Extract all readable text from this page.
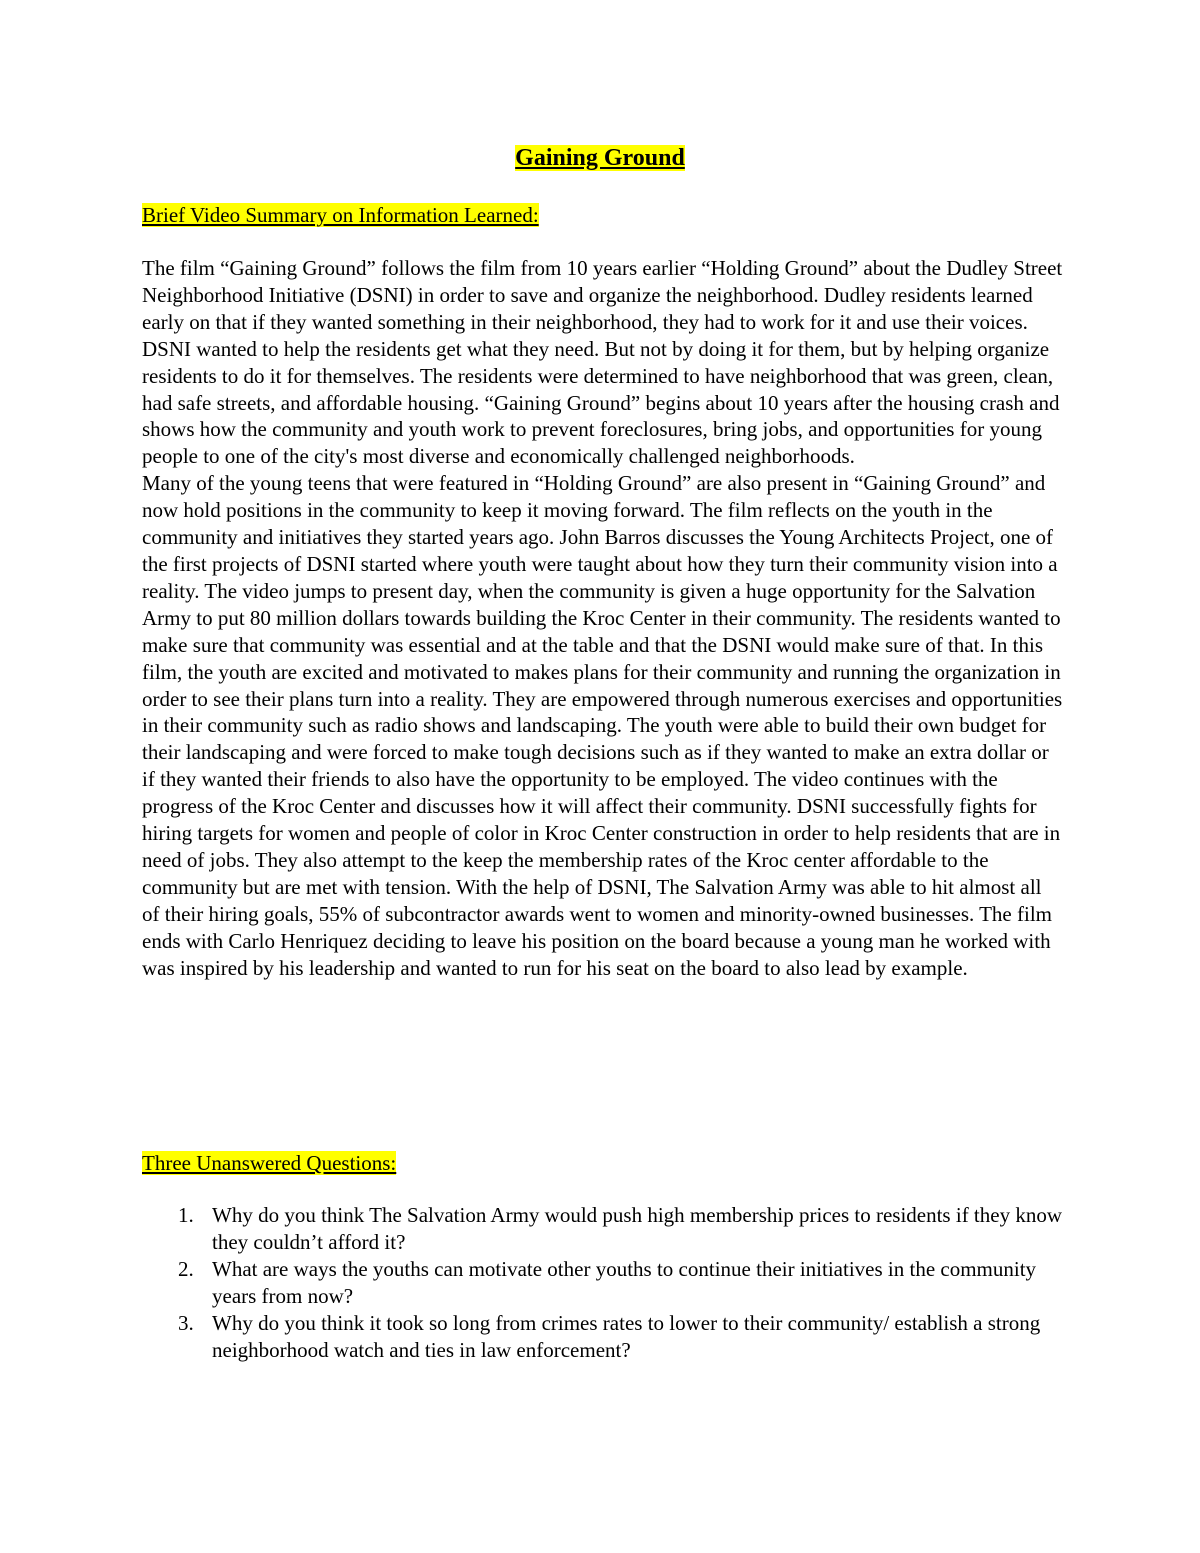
Gaining Ground
Brief Video Summary on Information Learned:

The film “Gaining Ground” follows the film from 10 years earlier “Holding Ground” about the Dudley Street Neighborhood Initiative (DSNI) in order to save and organize the neighborhood. Dudley residents learned early on that if they wanted something in their neighborhood, they had to work for it and use their voices. DSNI wanted to help the residents get what they need. But not by doing it for them, but by helping organize residents to do it for themselves. The residents were determined to have neighborhood that was green, clean, had safe streets, and affordable housing. “Gaining Ground” begins about 10 years after the housing crash and shows how the community and youth work to prevent foreclosures, bring jobs, and opportunities for young people to one of the city's most diverse and economically challenged neighborhoods.

Many of the young teens that were featured in “Holding Ground” are also present in “Gaining Ground” and now hold positions in the community to keep it moving forward. The film reflects on the youth in the community and initiatives they started years ago. John Barros discusses the Young Architects Project, one of the first projects of DSNI started where youth were taught about how they turn their community vision into a reality. The video jumps to present day, when the community is given a huge opportunity for the Salvation Army to put 80 million dollars towards building the Kroc Center in their community. The residents wanted to make sure that community was essential and at the table and that the DSNI would make sure of that. In this film, the youth are excited and motivated to makes plans for their community and running the organization in order to see their plans turn into a reality. They are empowered through numerous exercises and opportunities in their community such as radio shows and landscaping. The youth were able to build their own budget for their landscaping and were forced to make tough decisions such as if they wanted to make an extra dollar or if they wanted their friends to also have the opportunity to be employed. The video continues with the progress of the Kroc Center and discusses how it will affect their community. DSNI successfully fights for hiring targets for women and people of color in Kroc Center construction in order to help residents that are in need of jobs. They also attempt to the keep the membership rates of the Kroc center affordable to the community but are met with tension. With the help of DSNI, The Salvation Army was able to hit almost all of their hiring goals, 55% of subcontractor awards went to women and minority-owned businesses. The film ends with Carlo Henriquez deciding to leave his position on the board because a young man he worked with was inspired by his leadership and wanted to run for his seat on the board to also lead by example.

Three Unanswered Questions:
1. Why do you think The Salvation Army would push high membership prices to residents if they know they couldn’t afford it?
2. What are ways the youths can motivate other youths to continue their initiatives in the community years from now?
3. Why do you think it took so long from crimes rates to lower to their community/ establish a strong neighborhood watch and ties in law enforcement?
